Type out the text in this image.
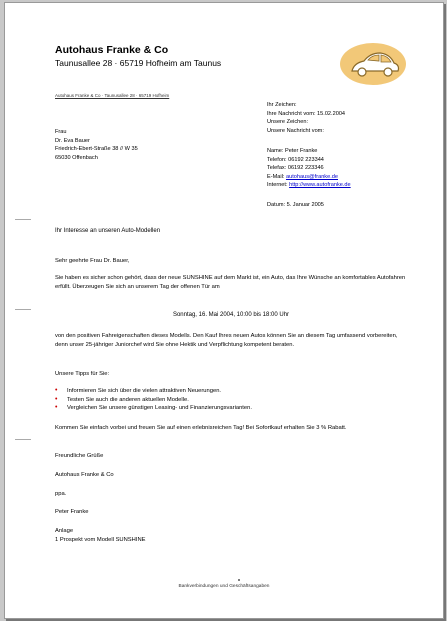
Autohaus Franke & Co
Taunusallee 28 · 65719 Hofheim am Taunus
Autohaus Franke & Co · Taunusallee 28 · 65719 Hofheim
Frau
Dr. Eva Bauer
Friedrich-Ebert-Straße 38 // W 35
65030 Offenbach
Ihr Zeichen:
Ihre Nachricht vom: 15.02.2004
Unsere Zeichen:
Unsere Nachricht vom:
Name: Peter Franke
Telefon: 06192 223344
Telefax: 06192 223346
E-Mail: autohaus@franke.de
Internet: http://www.autofranke.de
Datum: 5. Januar 2005
Ihr Interesse an unseren Auto-Modellen
Sehr geehrte Frau Dr. Bauer,
Sie haben es sicher schon gehört, dass der neue SUNSHINE auf dem Markt ist, ein Auto, das Ihre Wünsche an komfortables Autofahren erfüllt. Überzeugen Sie sich an unserem Tag der offenen Tür am
Sonntag, 16. Mai 2004, 10:00 bis 18:00 Uhr
von den positiven Fahreigenschaften dieses Modells. Den Kauf Ihres neuen Autos können Sie an diesem Tag umfassend vorbereiten, denn unser 25-jähriger Juniorchef wird Sie ohne Hektik und Verpflichtung kompetent beraten.
Unsere Tipps für Sie:
• Informieren Sie sich über die vielen attraktiven Neuerungen.
• Testen Sie auch die anderen aktuellen Modelle.
• Vergleichen Sie unsere günstigen Leasing- und Finanzierungsvarianten.
Kommen Sie einfach vorbei und freuen Sie auf einen erlebnisreichen Tag! Bei Sofortkauf erhalten Sie 3 % Rabatt.
Freundliche Grüße
Autohaus Franke & Co
ppa.
Peter Franke
Anlage
1 Prospekt vom Modell SUNSHINE
Bankverbindungen und Geschäftsangaben
